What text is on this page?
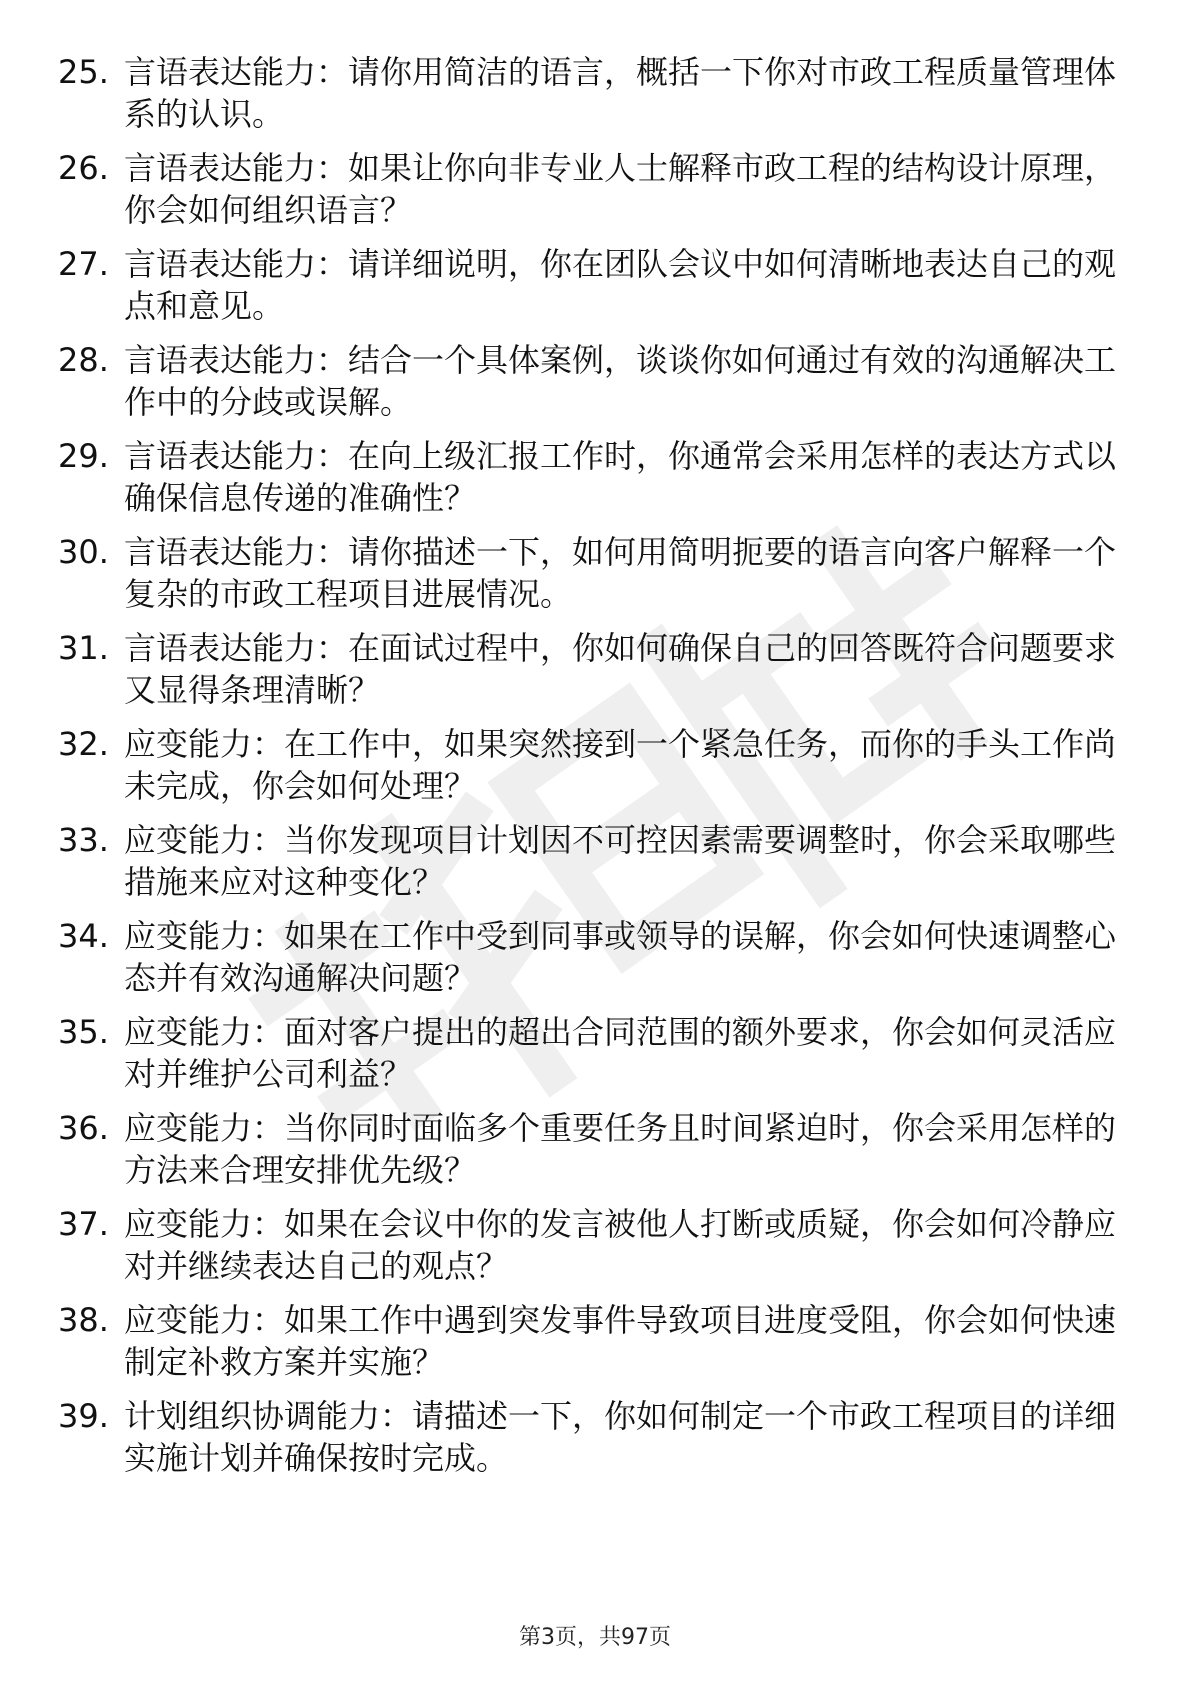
25. 言语表达能力：请你用简洁的语言，概括一下你对市政工程质量管理体系的认识。
26. 言语表达能力：如果让你向非专业人士解释市政工程的结构设计原理，你会如何组织语言？
27. 言语表达能力：请详细说明，你在团队会议中如何清晰地表达自己的观点和意见。
28. 言语表达能力：结合一个具体案例，谈谈你如何通过有效的沟通解决工作中的分歧或误解。
29. 言语表达能力：在向上级汇报工作时，你通常会采用怎样的表达方式以确保信息传递的准确性？
30. 言语表达能力：请你描述一下，如何用简明扼要的语言向客户解释一个复杂的市政工程项目进展情况。
31. 言语表达能力：在面试过程中，你如何确保自己的回答既符合问题要求又显得条理清晰？
32. 应变能力：在工作中，如果突然接到一个紧急任务，而你的手头工作尚未完成，你会如何处理？
33. 应变能力：当你发现项目计划因不可控因素需要调整时，你会采取哪些措施来应对这种变化？
34. 应变能力：如果在工作中受到同事或领导的误解，你会如何快速调整心态并有效沟通解决问题？
35. 应变能力：面对客户提出的超出合同范围的额外要求，你会如何灵活应对并维护公司利益？
36. 应变能力：当你同时面临多个重要任务且时间紧迫时，你会采用怎样的方法来合理安排优先级？
37. 应变能力：如果在会议中你的发言被他人打断或质疑，你会如何冷静应对并继续表达自己的观点？
38. 应变能力：如果工作中遇到突发事件导致项目进度受阻，你会如何快速制定补救方案并实施？
39. 计划组织协调能力：请描述一下，你如何制定一个市政工程项目的详细实施计划并确保按时完成。
第3页，共97页
